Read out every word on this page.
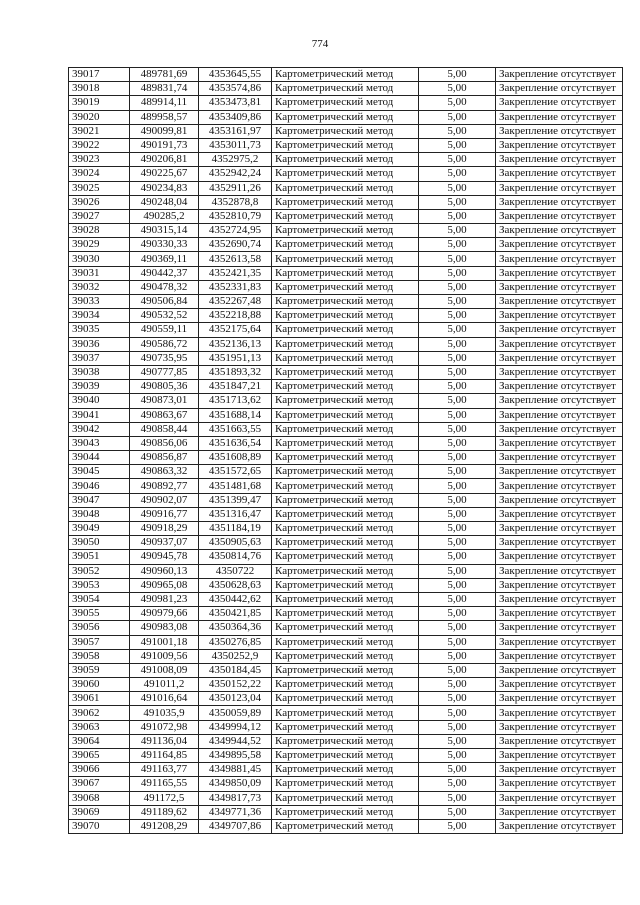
774
39017	489781,69	4353645,55	Картометрический метод	5,00	Закрепление отсутствует
39018	489831,74	4353574,86	Картометрический метод	5,00	Закрепление отсутствует
39019	489914,11	4353473,81	Картометрический метод	5,00	Закрепление отсутствует
39020	489958,57	4353409,86	Картометрический метод	5,00	Закрепление отсутствует
39021	490099,81	4353161,97	Картометрический метод	5,00	Закрепление отсутствует
39022	490191,73	4353011,73	Картометрический метод	5,00	Закрепление отсутствует
39023	490206,81	4352975,2	Картометрический метод	5,00	Закрепление отсутствует
39024	490225,67	4352942,24	Картометрический метод	5,00	Закрепление отсутствует
39025	490234,83	4352911,26	Картометрический метод	5,00	Закрепление отсутствует
39026	490248,04	4352878,8	Картометрический метод	5,00	Закрепление отсутствует
39027	490285,2	4352810,79	Картометрический метод	5,00	Закрепление отсутствует
39028	490315,14	4352724,95	Картометрический метод	5,00	Закрепление отсутствует
39029	490330,33	4352690,74	Картометрический метод	5,00	Закрепление отсутствует
39030	490369,11	4352613,58	Картометрический метод	5,00	Закрепление отсутствует
39031	490442,37	4352421,35	Картометрический метод	5,00	Закрепление отсутствует
39032	490478,32	4352331,83	Картометрический метод	5,00	Закрепление отсутствует
39033	490506,84	4352267,48	Картометрический метод	5,00	Закрепление отсутствует
39034	490532,52	4352218,88	Картометрический метод	5,00	Закрепление отсутствует
39035	490559,11	4352175,64	Картометрический метод	5,00	Закрепление отсутствует
39036	490586,72	4352136,13	Картометрический метод	5,00	Закрепление отсутствует
39037	490735,95	4351951,13	Картометрический метод	5,00	Закрепление отсутствует
39038	490777,85	4351893,32	Картометрический метод	5,00	Закрепление отсутствует
39039	490805,36	4351847,21	Картометрический метод	5,00	Закрепление отсутствует
39040	490873,01	4351713,62	Картометрический метод	5,00	Закрепление отсутствует
39041	490863,67	4351688,14	Картометрический метод	5,00	Закрепление отсутствует
39042	490858,44	4351663,55	Картометрический метод	5,00	Закрепление отсутствует
39043	490856,06	4351636,54	Картометрический метод	5,00	Закрепление отсутствует
39044	490856,87	4351608,89	Картометрический метод	5,00	Закрепление отсутствует
39045	490863,32	4351572,65	Картометрический метод	5,00	Закрепление отсутствует
39046	490892,77	4351481,68	Картометрический метод	5,00	Закрепление отсутствует
39047	490902,07	4351399,47	Картометрический метод	5,00	Закрепление отсутствует
39048	490916,77	4351316,47	Картометрический метод	5,00	Закрепление отсутствует
39049	490918,29	4351184,19	Картометрический метод	5,00	Закрепление отсутствует
39050	490937,07	4350905,63	Картометрический метод	5,00	Закрепление отсутствует
39051	490945,78	4350814,76	Картометрический метод	5,00	Закрепление отсутствует
39052	490960,13	4350722	Картометрический метод	5,00	Закрепление отсутствует
39053	490965,08	4350628,63	Картометрический метод	5,00	Закрепление отсутствует
39054	490981,23	4350442,62	Картометрический метод	5,00	Закрепление отсутствует
39055	490979,66	4350421,85	Картометрический метод	5,00	Закрепление отсутствует
39056	490983,08	4350364,36	Картометрический метод	5,00	Закрепление отсутствует
39057	491001,18	4350276,85	Картометрический метод	5,00	Закрепление отсутствует
39058	491009,56	4350252,9	Картометрический метод	5,00	Закрепление отсутствует
39059	491008,09	4350184,45	Картометрический метод	5,00	Закрепление отсутствует
39060	491011,2	4350152,22	Картометрический метод	5,00	Закрепление отсутствует
39061	491016,64	4350123,04	Картометрический метод	5,00	Закрепление отсутствует
39062	491035,9	4350059,89	Картометрический метод	5,00	Закрепление отсутствует
39063	491072,98	4349994,12	Картометрический метод	5,00	Закрепление отсутствует
39064	491136,04	4349944,52	Картометрический метод	5,00	Закрепление отсутствует
39065	491164,85	4349895,58	Картометрический метод	5,00	Закрепление отсутствует
39066	491163,77	4349881,45	Картометрический метод	5,00	Закрепление отсутствует
39067	491165,55	4349850,09	Картометрический метод	5,00	Закрепление отсутствует
39068	491172,5	4349817,73	Картометрический метод	5,00	Закрепление отсутствует
39069	491189,62	4349771,36	Картометрический метод	5,00	Закрепление отсутствует
39070	491208,29	4349707,86	Картометрический метод	5,00	Закрепление отсутствует
